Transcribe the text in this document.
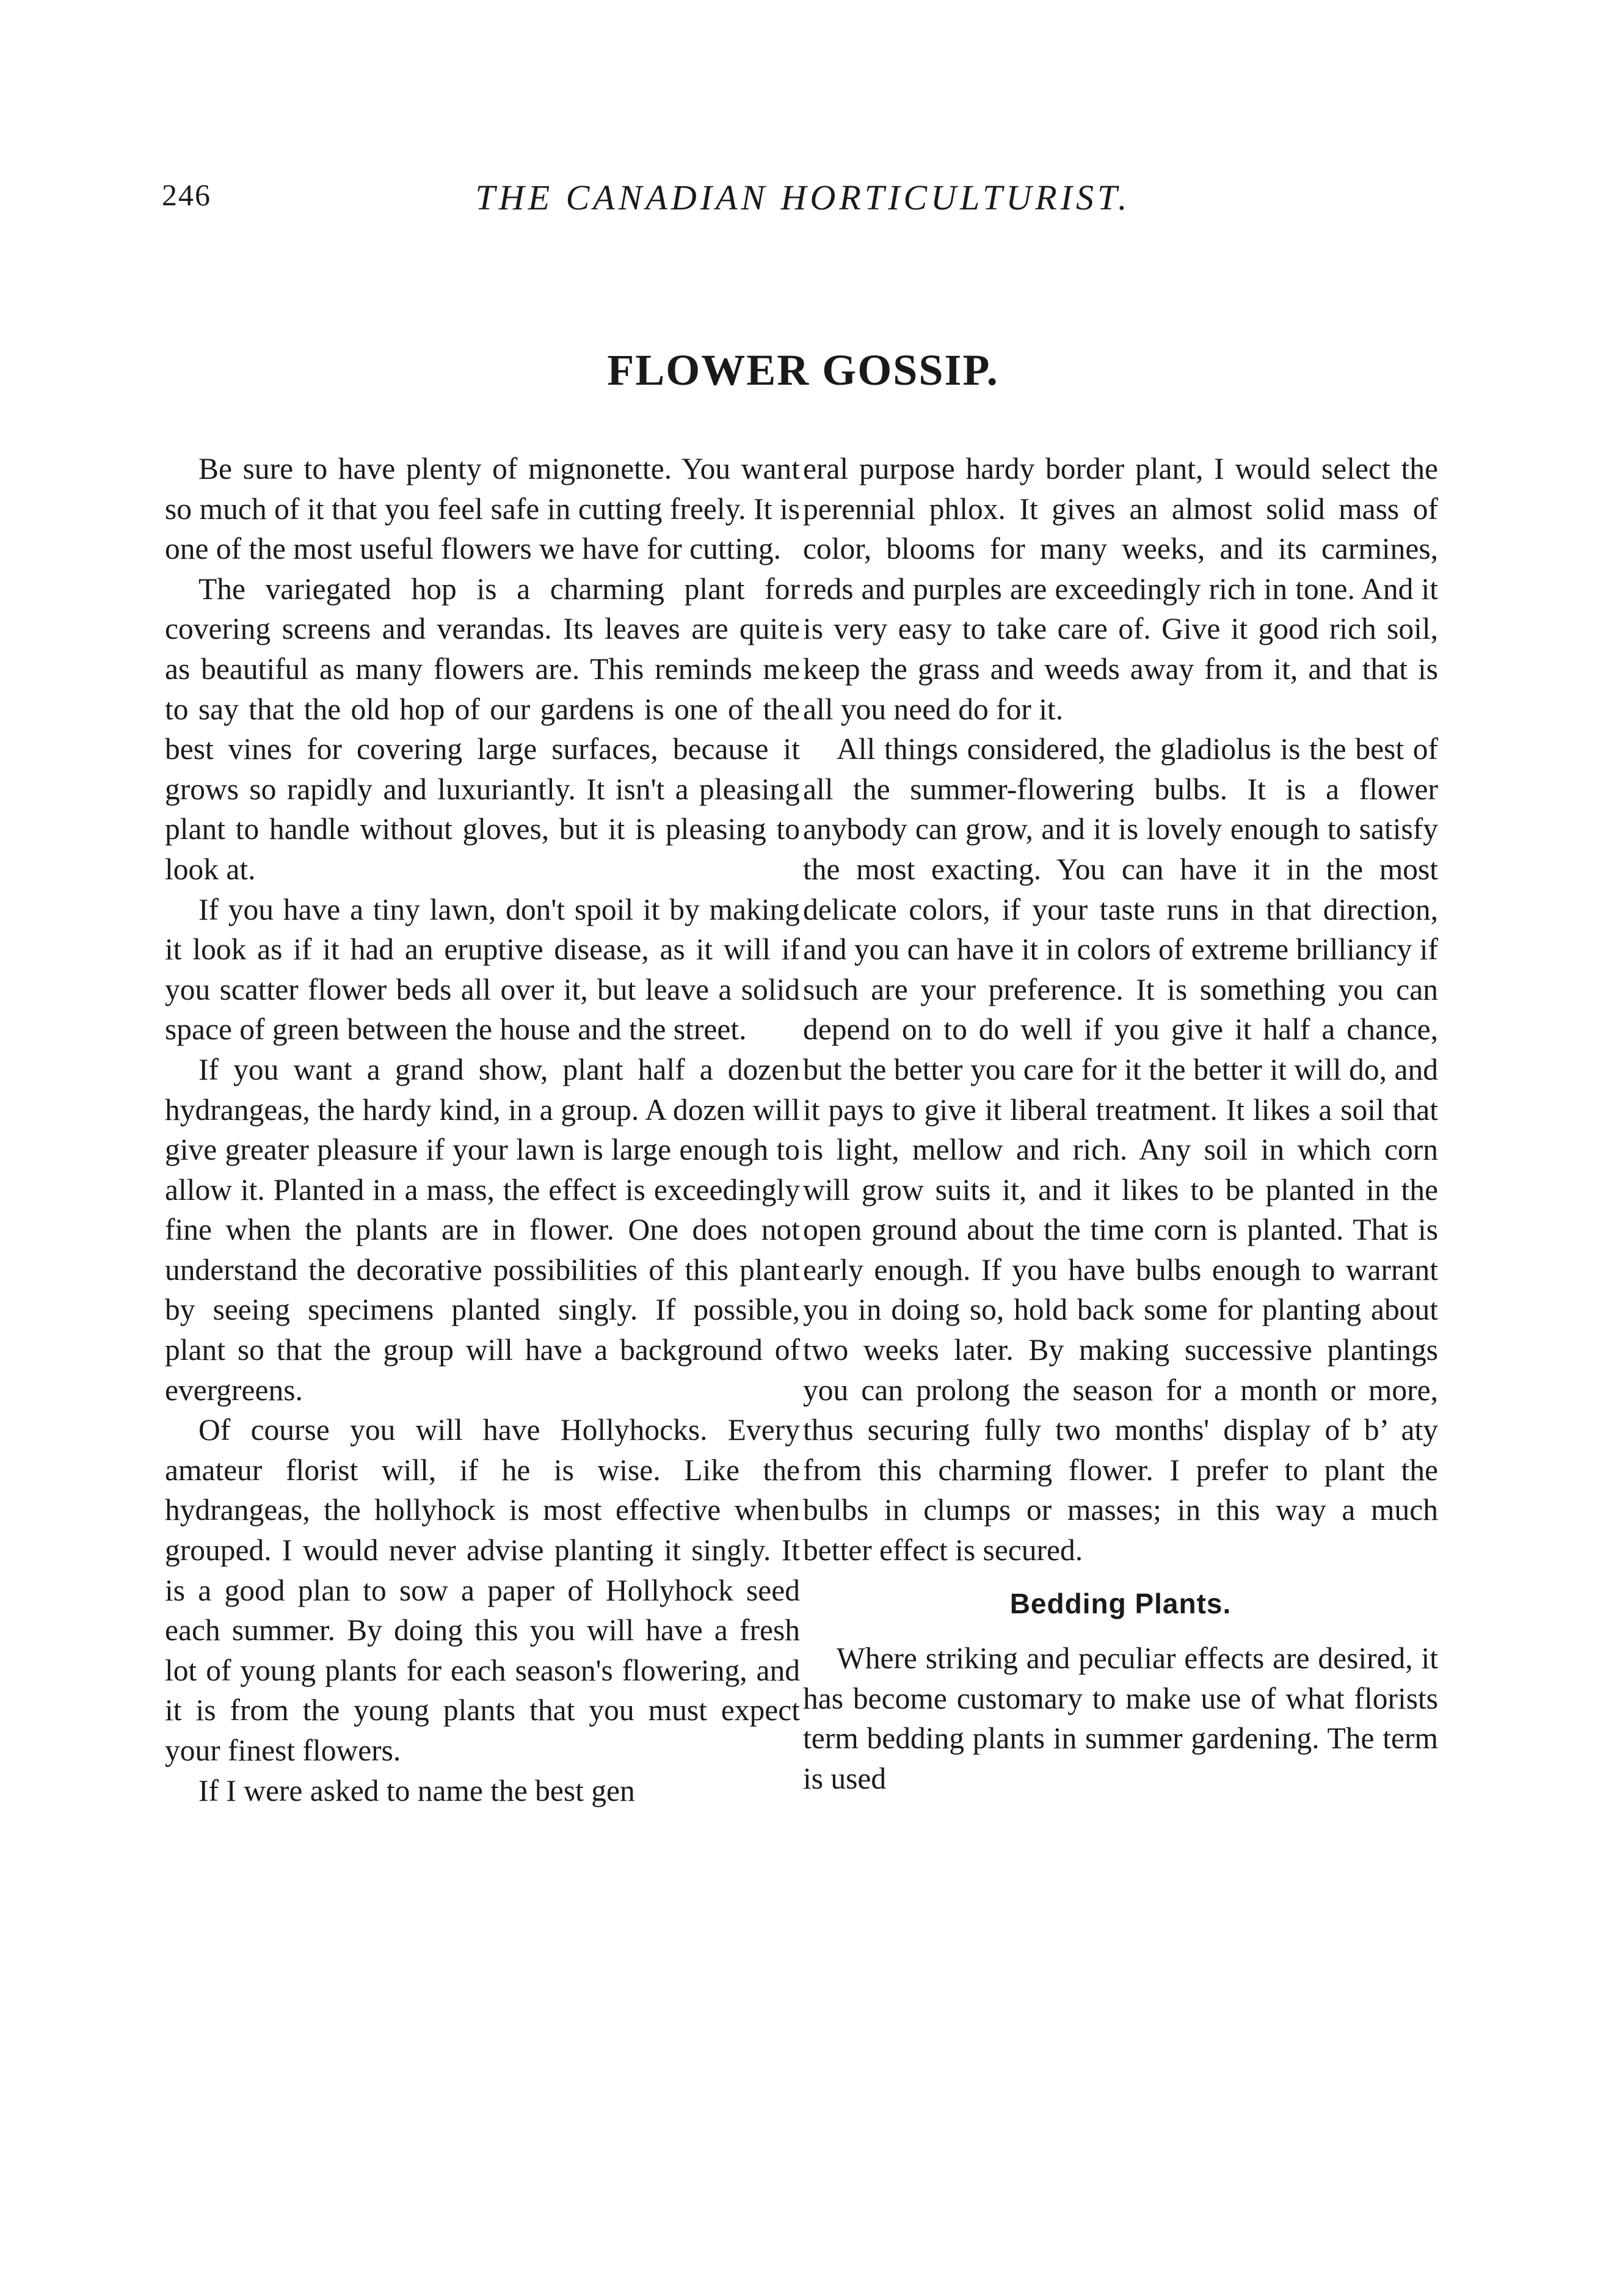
246	THE CANADIAN HORTICULTURIST.
FLOWER GOSSIP.

Be sure to have plenty of mignonette. You want so much of it that you feel safe in cutting freely. It is one of the most useful flowers we have for cutting.

The variegated hop is a charming plant for covering screens and verandas. Its leaves are quite as beautiful as many flowers are. This reminds me to say that the old hop of our gardens is one of the best vines for covering large surfaces, because it grows so rapidly and luxuriantly. It isn't a pleasing plant to handle without gloves, but it is pleasing to look at.

If you have a tiny lawn, don't spoil it by making it look as if it had an eruptive disease, as it will if you scatter flower beds all over it, but leave a solid space of green between the house and the street.

If you want a grand show, plant half a dozen hydrangeas, the hardy kind, in a group. A dozen will give greater pleasure if your lawn is large enough to allow it. Planted in a mass, the effect is exceedingly fine when the plants are in flower. One does not understand the decorative possibilities of this plant by seeing specimens planted singly. If possible, plant so that the group will have a background of evergreens.

Of course you will have Hollyhocks. Every amateur florist will, if he is wise. Like the hydrangeas, the hollyhock is most effective when grouped. I would never advise planting it singly. It is a good plan to sow a paper of Hollyhock seed each summer. By doing this you will have a fresh lot of young plants for each season's flowering, and it is from the young plants that you must expect your finest flowers.

If I were asked to name the best gen

eral purpose hardy border plant, I would select the perennial phlox. It gives an almost solid mass of color, blooms for many weeks, and its carmines, reds and purples are exceedingly rich in tone. And it is very easy to take care of. Give it good rich soil, keep the grass and weeds away from it, and that is all you need do for it.

All things considered, the gladiolus is the best of all the summer-flowering bulbs. It is a flower anybody can grow, and it is lovely enough to satisfy the most exacting. You can have it in the most delicate colors, if your taste runs in that direction, and you can have it in colors of extreme brilliancy if such are your preference. It is something you can depend on to do well if you give it half a chance, but the better you care for it the better it will do, and it pays to give it liberal treatment. It likes a soil that is light, mellow and rich. Any soil in which corn will grow suits it, and it likes to be planted in the open ground about the time corn is planted. That is early enough. If you have bulbs enough to warrant you in doing so, hold back some for planting about two weeks later. By making successive plantings you can prolong the season for a month or more, thus securing fully two months' display of b’ aty from this charming flower. I prefer to plant the bulbs in clumps or masses; in this way a much better effect is secured.

Bedding Plants.

Where striking and peculiar effects are desired, it has become customary to make use of what florists term bedding plants in summer gardening. The term is used
